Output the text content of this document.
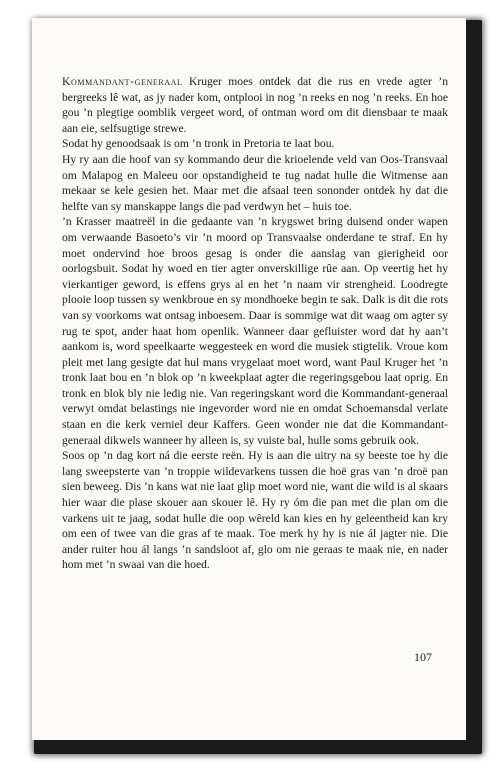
Kommandant-generaal Kruger moes ontdek dat die rus en vrede agter ’n bergreeks lê wat, as jy nader kom, ontplooi in nog ’n reeks en nog ’n reeks. En hoe gou ’n plegtige oomblik vergeet word, of ontman word om dit diensbaar te maak aan eie, selfsugtige strewe.

Sodat hy genoodsaak is om ’n tronk in Pretoria te laat bou.

Hy ry aan die hoof van sy kommando deur die krioelende veld van Oos-Transvaal om Malapog en Maleeu oor opstandigheid te tug nadat hulle die Witmense aan mekaar se kele gesien het. Maar met die afsaal teen sononder ontdek hy dat die helfte van sy manskappe langs die pad verdwyn het – huis toe.

’n Krasser maatreël in die gedaante van ’n krygswet bring duisend onder wapen om verwaande Basoeto’s vir ’n moord op Transvaalse onderdane te straf. En hy moet ondervind hoe broos gesag is onder die aanslag van gierigheid oor oorlogsbuit. Sodat hy woed en tier agter onverskillige rûe aan. Op veertig het hy vierkantiger geword, is effens grys al en het ’n naam vir strengheid. Loodregte plooie loop tussen sy wenkbroue en sy mondhoeke begin te sak. Dalk is dit die rots van sy voorkoms wat ontsag inboesem. Daar is sommige wat dit waag om agter sy rug te spot, ander haat hom openlik. Wanneer daar gefluister word dat hy aan’t aankom is, word speelkaarte weggesteek en word die musiek stigtelik. Vroue kom pleit met lang gesigte dat hul mans vrygelaat moet word, want Paul Kruger het ’n tronk laat bou en ’n blok op ’n kweekplaat agter die regeringsgebou laat oprig. En tronk en blok bly nie ledig nie. Van regeringskant word die Kommandant-generaal verwyt omdat belastings nie ingevorder word nie en omdat Schoemansdal verlate staan en die kerk verniel deur Kaffers. Geen wonder nie dat die Kommandant-generaal dikwels wanneer hy alleen is, sy vuiste bal, hulle soms gebruik ook.

Soos op ’n dag kort ná die eerste reën. Hy is aan die uitry na sy beeste toe hy die lang sweepsterte van ’n troppie wildevarkens tussen die hoë gras van ’n droë pan sien beweeg. Dis ’n kans wat nie laat glip moet word nie, want die wild is al skaars hier waar die plase skouer aan skouer lê. Hy ry óm die pan met die plan om die varkens uit te jaag, sodat hulle die oop wêreld kan kies en hy geleentheid kan kry om een of twee van die gras af te maak. Toe merk hy hy is nie ál jagter nie. Die ander ruiter hou ál langs ’n sandsloot af, glo om nie geraas te maak nie, en nader hom met ’n swaai van die hoed.

107
